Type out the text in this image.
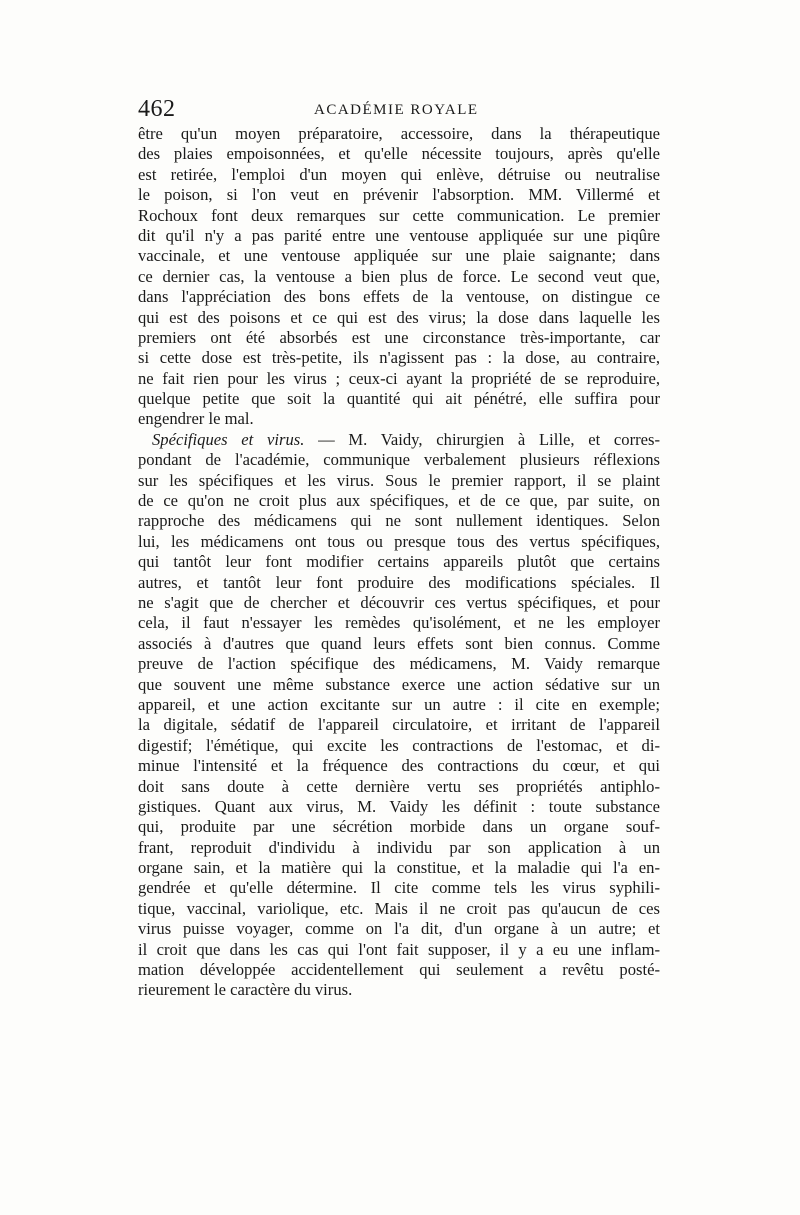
462	ACADÉMIE ROYALE
être qu'un moyen préparatoire, accessoire, dans la thérapeutique
des plaies empoisonnées, et qu'elle nécessite toujours, après qu'elle
est retirée, l'emploi d'un moyen qui enlève, détruise ou neutralise
le poison, si l'on veut en prévenir l'absorption. MM. Villermé et
Rochoux font deux remarques sur cette communication. Le premier
dit qu'il n'y a pas parité entre une ventouse appliquée sur une piqûre
vaccinale, et une ventouse appliquée sur une plaie saignante; dans
ce dernier cas, la ventouse a bien plus de force. Le second veut que,
dans l'appréciation des bons effets de la ventouse, on distingue ce
qui est des poisons et ce qui est des virus; la dose dans laquelle les
premiers ont été absorbés est une circonstance très-importante, car
si cette dose est très-petite, ils n'agissent pas : la dose, au contraire,
ne fait rien pour les virus ; ceux-ci ayant la propriété de se reproduire,
quelque petite que soit la quantité qui ait pénétré, elle suffira pour
engendrer le mal.
Spécifiques et virus. — M. Vaidy, chirurgien à Lille, et corres-
pondant de l'académie, communique verbalement plusieurs réflexions
sur les spécifiques et les virus. Sous le premier rapport, il se plaint
de ce qu'on ne croit plus aux spécifiques, et de ce que, par suite, on
rapproche des médicamens qui ne sont nullement identiques. Selon
lui, les médicamens ont tous ou presque tous des vertus spécifiques,
qui tantôt leur font modifier certains appareils plutôt que certains
autres, et tantôt leur font produire des modifications spéciales. Il
ne s'agit que de chercher et découvrir ces vertus spécifiques, et pour
cela, il faut n'essayer les remèdes qu'isolément, et ne les employer
associés à d'autres que quand leurs effets sont bien connus. Comme
preuve de l'action spécifique des médicamens, M. Vaidy remarque
que souvent une même substance exerce une action sédative sur un
appareil, et une action excitante sur un autre : il cite en exemple;
la digitale, sédatif de l'appareil circulatoire, et irritant de l'appareil
digestif; l'émétique, qui excite les contractions de l'estomac, et di-
minue l'intensité et la fréquence des contractions du cœur, et qui
doit sans doute à cette dernière vertu ses propriétés antiphlo-
gistiques. Quant aux virus, M. Vaidy les définit : toute substance
qui, produite par une sécrétion morbide dans un organe souf-
frant, reproduit d'individu à individu par son application à un
organe sain, et la matière qui la constitue, et la maladie qui l'a en-
gendrée et qu'elle détermine. Il cite comme tels les virus syphili-
tique, vaccinal, variolique, etc. Mais il ne croit pas qu'aucun de ces
virus puisse voyager, comme on l'a dit, d'un organe à un autre; et
il croit que dans les cas qui l'ont fait supposer, il y a eu une inflam-
mation développée accidentellement qui seulement a revêtu posté-
rieurement le caractère du virus.
